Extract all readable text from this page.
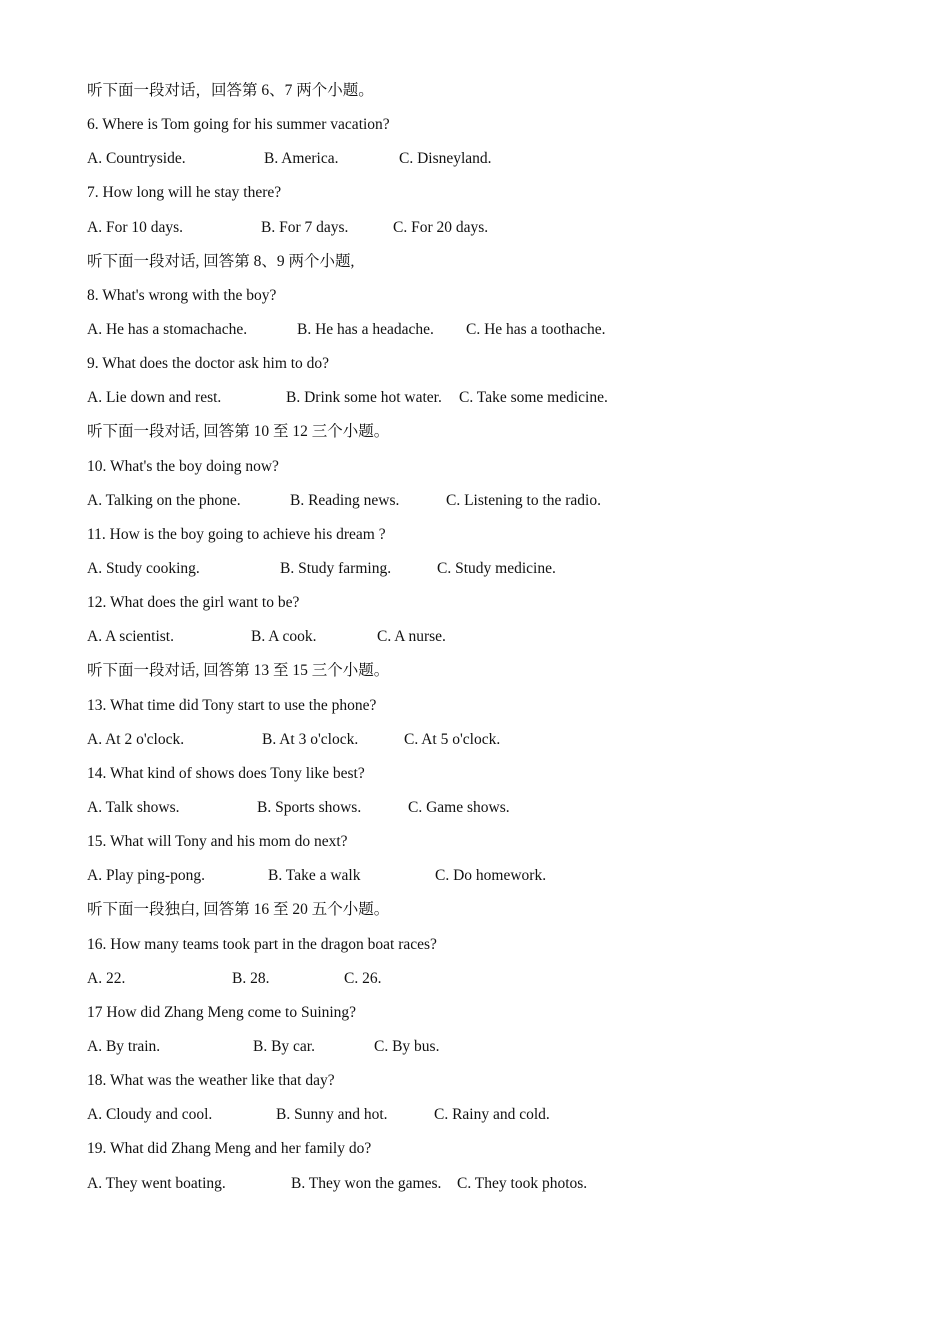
听下面一段对话，回答第 6、7 两个小题。
6. Where is Tom going for his summer vacation?
A. Countryside.	B. America.	C. Disneyland.
7. How long will he stay there?
A. For 10 days.	B. For 7 days.	C. For 20 days.
听下面一段对话, 回答第 8、9 两个小题,
8. What's wrong with the boy?
A. He has a stomachache.	B. He has a headache. C. He has a toothache.
9. What does the doctor ask him to do?
A. Lie down and rest.	B. Drink some hot water. C. Take some medicine.
听下面一段对话, 回答第 10 至 12 三个小题。
10. What's the boy doing now?
A. Talking on the phone.	B. Reading news.	C. Listening to the radio.
11. How is the boy going to achieve his dream ?
A. Study cooking.	B. Study farming.	C. Study medicine.
12. What does the girl want to be?
A. A scientist.	B. A cook.	C. A nurse.
听下面一段对话, 回答第 13 至 15 三个小题。
13. What time did Tony start to use the phone?
A. At 2 o'clock.	B. At 3 o'clock.	C. At 5 o'clock.
14. What kind of shows does Tony like best?
A. Talk shows.	B. Sports shows.	C. Game shows.
15. What will Tony and his mom do next?
A. Play ping-pong.	B. Take a walk	C. Do homework.
听下面一段独白, 回答第 16 至 20 五个小题。
16. How many teams took part in the dragon boat races?
A. 22.	B. 28.	C. 26.
17 How did Zhang Meng come to Suining?
A. By train.	B. By car.	C. By bus.
18. What was the weather like that day?
A. Cloudy and cool.	B. Sunny and hot.	C. Rainy and cold.
19. What did Zhang Meng and her family do?
A. They went boating.	B. They won the games. C. They took photos.
